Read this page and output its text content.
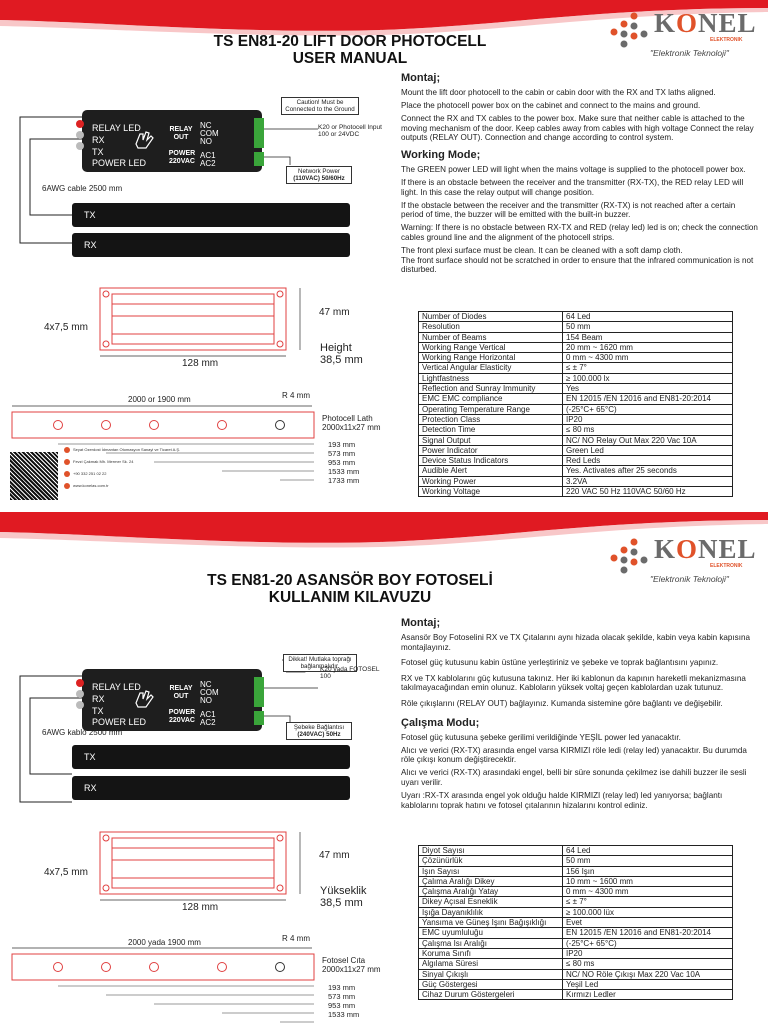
KONEL
ELEKTRONIK
"Elektronik Teknoloji"
TS EN81-20 LIFT DOOR PHOTOCELL
USER MANUAL
RELAY LED
RX
TX
POWER LED
RELAY OUT
NC
COM
NO
POWER 220VAC
AC1
AC2
Caution! Must be Connected to the Ground
K20 or Photocell Input 100 or 24VDC
Network Power
(110VAC) 50/60Hz
6AWG cable 2500 mm
TX
RX
4x7,5 mm
128 mm
47 mm
Height
38,5 mm
2000 or 1900 mm	R 4 mm
Photocell Lath
2000x11x27 mm
193 mm
573 mm
953 mm
1533 mm
1733 mm
Seyat Ozerdost İdmantan Otomasyon Sanayi ve Ticaret A.Ş.
Fevzi Çakmak Mh. Mermer Sk. 24
+90 332 251 02 22
www.konelas.com.tr
Montaj;
Mount the lift door photocell to the cabin or cabin door with the RX and TX laths aligned.
Place the photocell power box on the cabinet and connect to the mains and ground.
Connect the RX and TX cables to the power box. Make sure that neither cable is attached to the moving mechanism of the door. Keep cables away from cables with high voltage Connect the relay outputs (RELAY OUT). Connection and change according to control system.
Working Mode;
The GREEN power LED will light when the mains voltage is supplied to the photocell power box.
If there is an obstacle between the receiver and the transmitter (RX-TX), the RED relay LED will light. In this case the relay output will change position.
If the obstacle between the receiver and the transmitter (RX-TX) is not reached after a certain period of time, the buzzer will be emitted with the built-in buzzer.
Warning: If there is no obstacle between RX-TX and RED (relay led) led is on; check the connection cables ground line and the alignment of the photocell strips.
The front plexi surface must be clean. It can be cleaned with a soft damp cloth.
The front surface should not be scratched in order to ensure that the infrared communication is not disturbed.
Number of Diodes	64 Led
Resolution	50 mm
Number of Beams	154 Beam
Working Range Vertical	20 mm ~ 1620 mm
Working Range Horizontal	0 mm ~ 4300 mm
Vertical Angular Elasticity	≤ ± 7°
Lightfastness	≥ 100.000 lx
Reflection and Sunray Immunity	Yes
EMC EMC compliance	EN 12015 /EN 12016 and EN81-20:2014
Operating Temperature Range	(-25°C+ 65°C)
Protection Class	IP20
Detection Time	≤ 80 ms
Signal Output	NC/ NO Relay Out Max 220 Vac 10A
Power Indicator	Green Led
Device Status Indicators	Red Leds
Audible Alert	Yes. Activates after 25 seconds
Working Power	3.2VA
Working Voltage	220 VAC 50 Hz 110VAC 50/60 Hz
KONEL
ELEKTRONIK
"Elektronik Teknoloji"
TS EN81-20 ASANSÖR BOY FOTOSELİ
KULLANIM KILAVUZU
RELAY LED
RX
TX
POWER LED
RELAY OUT
NC
COM
NO
POWER 220VAC
AC1
AC2
Dikkat! Mutlaka toprağı bağlanmalıdır.
K20 yada FOTOSEL 100
Şebeke Bağlantısı
(240VAC) 50Hz
6AWG kablo 2500 mm
TX
RX
4x7,5 mm
128 mm
47 mm
Yükseklik
38,5 mm
2000 yada 1900 mm	R 4 mm
Fotosel Cıta
2000x11x27 mm
193 mm
573 mm
953 mm
1533 mm
Montaj;
Asansör Boy Fotoselini RX ve TX Çıtalarını aynı hizada olacak şekilde, kabin veya kabin kapısına montajlayınız.
Fotosel güç kutusunu kabin üstüne yerleştiriniz ve şebeke ve toprak bağlantısını yapınız.
RX ve TX kablolarını güç kutusuna takınız. Her iki kablonun da kapının hareketli mekanizmasına takılmayacağından emin olunuz. Kabloların yüksek voltaj geçen kablolardan uzak tutunuz.
Röle çıkışlarını (RELAY OUT) bağlayınız. Kumanda sistemine göre bağlantı ve değişebilir.
Çalışma Modu;
Fotosel güç kutusuna şebeke gerilimi verildiğinde YEŞİL power led yanacaktır.
Alıcı ve verici (RX-TX) arasında engel varsa KIRMIZI röle ledi (relay led) yanacaktır. Bu durumda röle çıkışı konum değiştirecektir.
Alıcı ve verici (RX-TX) arasındaki engel, belli bir süre sonunda çekilmez ise dahili buzzer ile sesli uyarı verilir.
Uyarı :RX-TX arasında engel yok olduğu halde KIRMIZI (relay led) led yanıyorsa; bağlantı kablolarını toprak hatını ve fotosel çıtalarının hizalarını kontrol ediniz.
Diyot Sayısı	64 Led
Çözünürlük	50 mm
Işın Sayısı	156 Işın
Çalıma Aralığı Dikey	10 mm ~ 1600 mm
Çalışma Aralığı Yatay	0 mm ~ 4300 mm
Dikey Açısal Esneklik	≤ ± 7°
Işığa Dayanıklılık	≥ 100.000 lüx
Yansıma ve Güneş Işını Bağışıklığı	Evet
EMC uyumluluğu	EN 12015 /EN 12016 and EN81-20:2014
Çalışma Isı Aralığı	(-25°C+ 65°C)
Koruma Sınıfı	IP20
Algılama Süresi	≤ 80 ms
Sinyal Çıkışlı	NC/ NO Röle Çıkışı Max 220 Vac 10A
Güç Göstergesi	Yeşil Led
Cihaz Durum Göstergeleri	Kırmızı Ledler
